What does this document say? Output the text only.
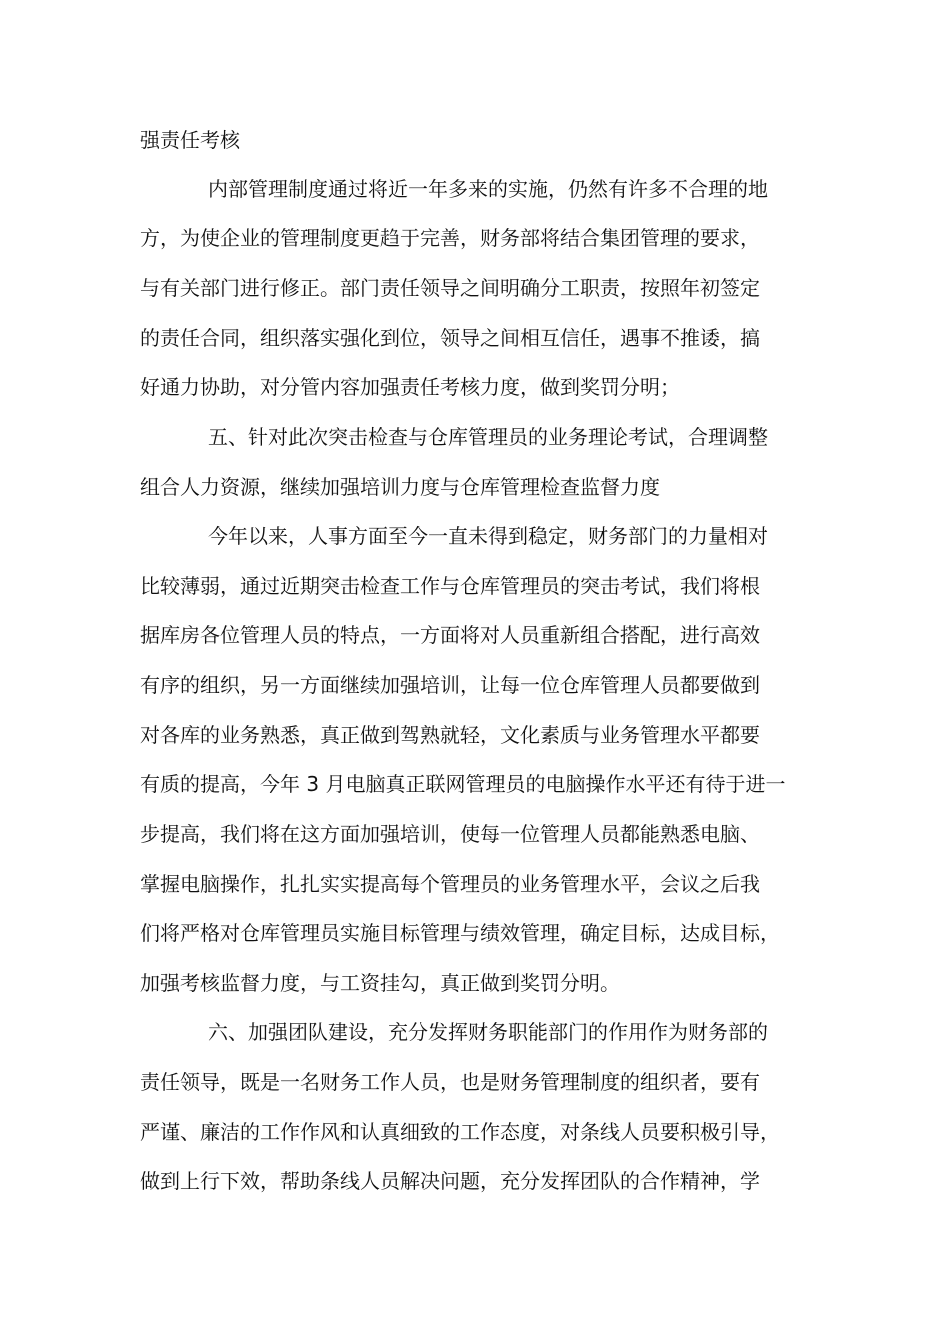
强责任考核
内部管理制度通过将近一年多来的实施，仍然有许多不合理的地
方，为使企业的管理制度更趋于完善，财务部将结合集团管理的要求，
与有关部门进行修正。部门责任领导之间明确分工职责，按照年初签定
的责任合同，组织落实强化到位，领导之间相互信任，遇事不推诿，搞
好通力协助，对分管内容加强责任考核力度，做到奖罚分明；
五、针对此次突击检查与仓库管理员的业务理论考试，合理调整
组合人力资源，继续加强培训力度与仓库管理检查监督力度
今年以来，人事方面至今一直未得到稳定，财务部门的力量相对
比较薄弱，通过近期突击检查工作与仓库管理员的突击考试，我们将根
据库房各位管理人员的特点，一方面将对人员重新组合搭配，进行高效
有序的组织，另一方面继续加强培训，让每一位仓库管理人员都要做到
对各库的业务熟悉，真正做到驾熟就轻，文化素质与业务管理水平都要
有质的提高，今年 3 月电脑真正联网管理员的电脑操作水平还有待于进一
步提高，我们将在这方面加强培训，使每一位管理人员都能熟悉电脑、
掌握电脑操作，扎扎实实提高每个管理员的业务管理水平，会议之后我
们将严格对仓库管理员实施目标管理与绩效管理，确定目标，达成目标，
加强考核监督力度，与工资挂勾，真正做到奖罚分明。
六、加强团队建设，充分发挥财务职能部门的作用作为财务部的
责任领导，既是一名财务工作人员，也是财务管理制度的组织者，要有
严谨、廉洁的工作作风和认真细致的工作态度，对条线人员要积极引导，
做到上行下效，帮助条线人员解决问题，充分发挥团队的合作精神，学
